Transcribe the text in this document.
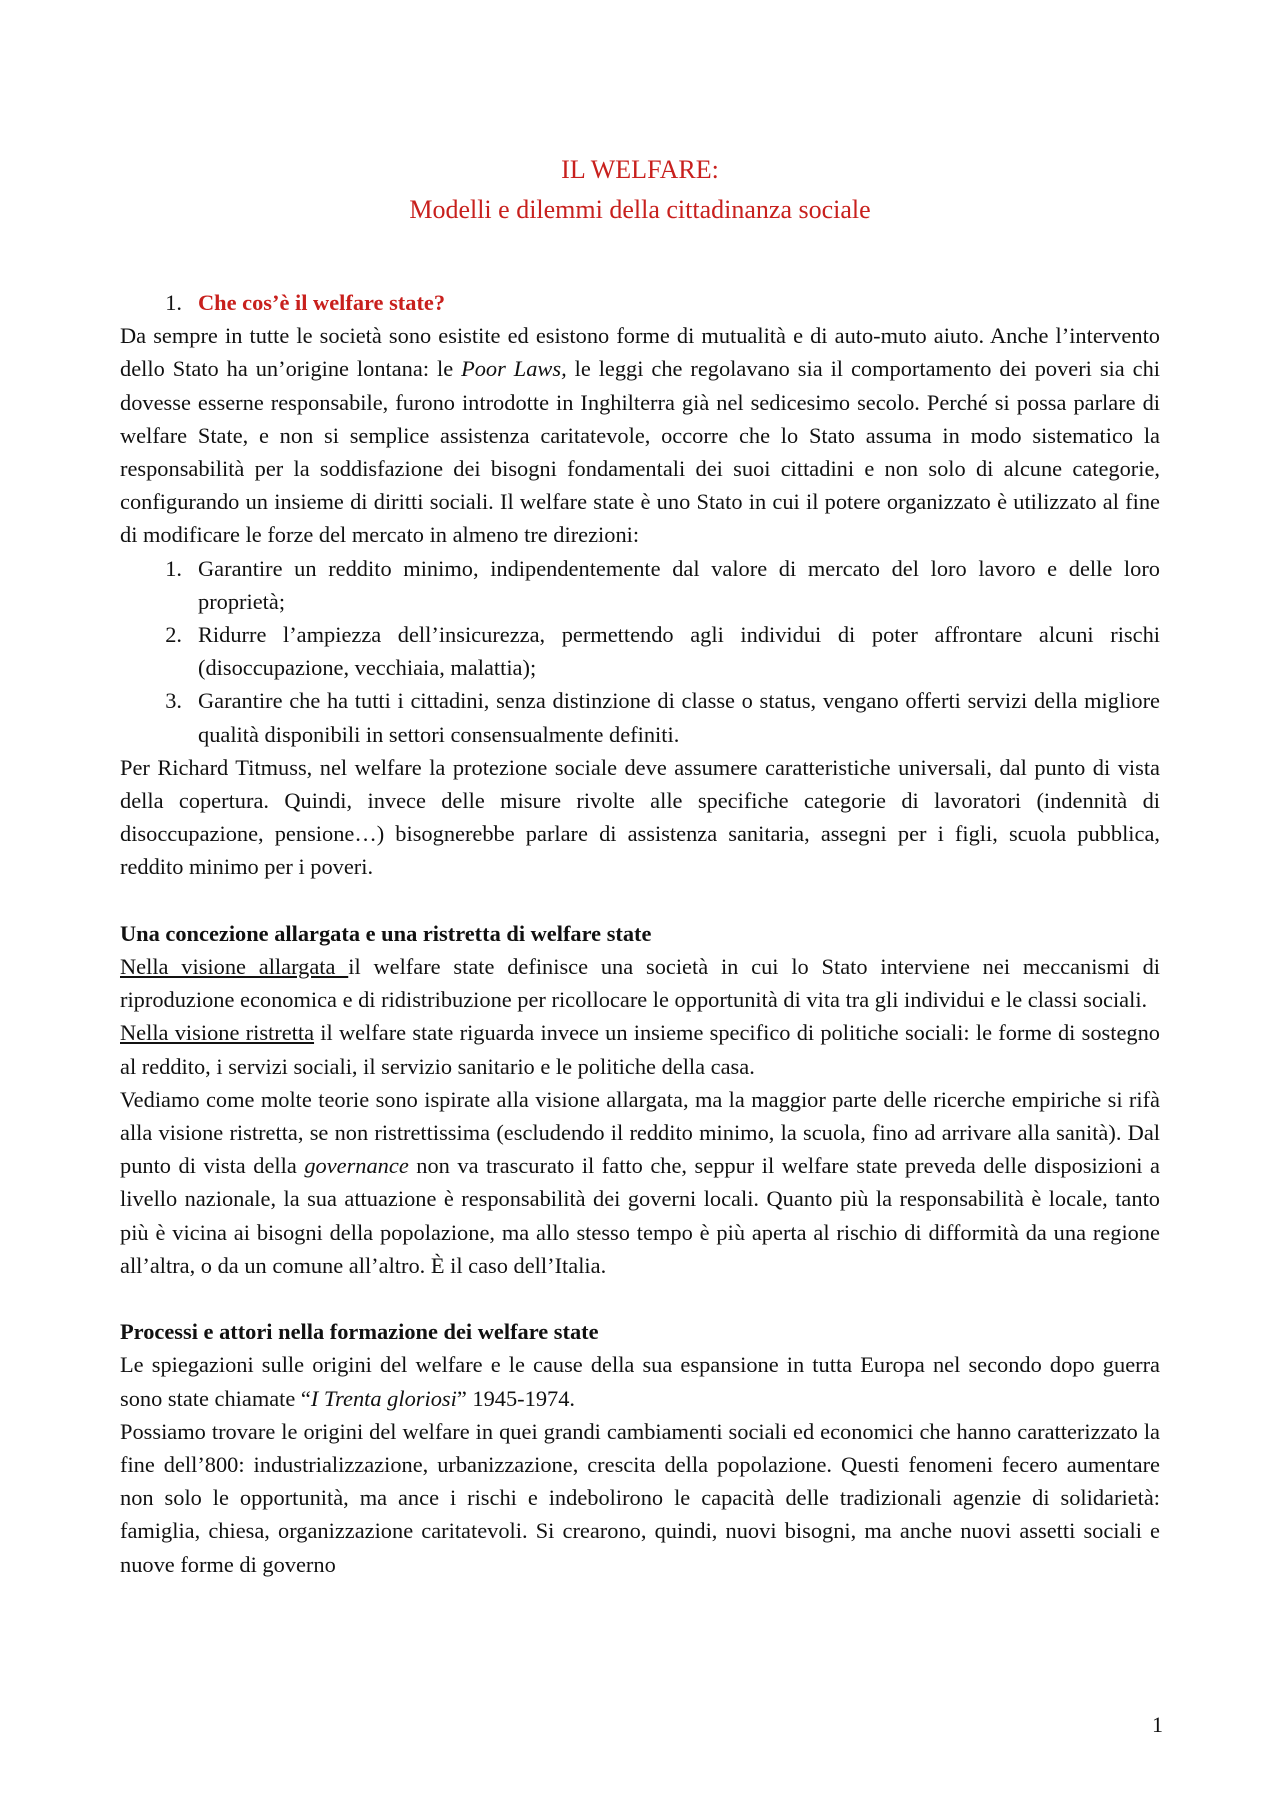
IL WELFARE:
Modelli e dilemmi della cittadinanza sociale
1. Che cos’è il welfare state?

Da sempre in tutte le società sono esistite ed esistono forme di mutualità e di auto-muto aiuto. Anche l’intervento dello Stato ha un’origine lontana: le Poor Laws, le leggi che regolavano sia il comportamento dei poveri sia chi dovesse esserne responsabile, furono introdotte in Inghilterra già nel sedicesimo secolo. Perché si possa parlare di welfare State, e non si semplice assistenza caritatevole, occorre che lo Stato assuma in modo sistematico la responsabilità per la soddisfazione dei bisogni fondamentali dei suoi cittadini e non solo di alcune categorie, configurando un insieme di diritti sociali. Il welfare state è uno Stato in cui il potere organizzato è utilizzato al fine di modificare le forze del mercato in almeno tre direzioni:

1. Garantire un reddito minimo, indipendentemente dal valore di mercato del loro lavoro e delle loro proprietà;
2. Ridurre l’ampiezza dell’insicurezza, permettendo agli individui di poter affrontare alcuni rischi (disoccupazione, vecchiaia, malattia);
3. Garantire che ha tutti i cittadini, senza distinzione di classe o status, vengano offerti servizi della migliore qualità disponibili in settori consensualmente definiti.

Per Richard Titmuss, nel welfare la protezione sociale deve assumere caratteristiche universali, dal punto di vista della copertura. Quindi, invece delle misure rivolte alle specifiche categorie di lavoratori (indennità di disoccupazione, pensione…) bisognerebbe parlare di assistenza sanitaria, assegni per i figli, scuola pubblica, reddito minimo per i poveri.

Una concezione allargata e una ristretta di welfare state

Nella visione allargata il welfare state definisce una società in cui lo Stato interviene nei meccanismi di riproduzione economica e di ridistribuzione per ricollocare le opportunità di vita tra gli individui e le classi sociali.

Nella visione ristretta il welfare state riguarda invece un insieme specifico di politiche sociali: le forme di sostegno al reddito, i servizi sociali, il servizio sanitario e le politiche della casa.

Vediamo come molte teorie sono ispirate alla visione allargata, ma la maggior parte delle ricerche empiriche si rifà alla visione ristretta, se non ristrettissima (escludendo il reddito minimo, la scuola, fino ad arrivare alla sanità). Dal punto di vista della governance non va trascurato il fatto che, seppur il welfare state preveda delle disposizioni a livello nazionale, la sua attuazione è responsabilità dei governi locali. Quanto più la responsabilità è locale, tanto più è vicina ai bisogni della popolazione, ma allo stesso tempo è più aperta al rischio di difformità da una regione all’altra, o da un comune all’altro. È il caso dell’Italia.

Processi e attori nella formazione dei welfare state

Le spiegazioni sulle origini del welfare e le cause della sua espansione in tutta Europa nel secondo dopo guerra sono state chiamate “I Trenta gloriosi” 1945-1974.

Possiamo trovare le origini del welfare in quei grandi cambiamenti sociali ed economici che hanno caratterizzato la fine dell’800: industrializzazione, urbanizzazione, crescita della popolazione. Questi fenomeni fecero aumentare non solo le opportunità, ma ance i rischi e indebolirono le capacità delle tradizionali agenzie di solidarietà: famiglia, chiesa, organizzazione caritatevoli. Si crearono, quindi, nuovi bisogni, ma anche nuovi assetti sociali e nuove forme di governo

1
